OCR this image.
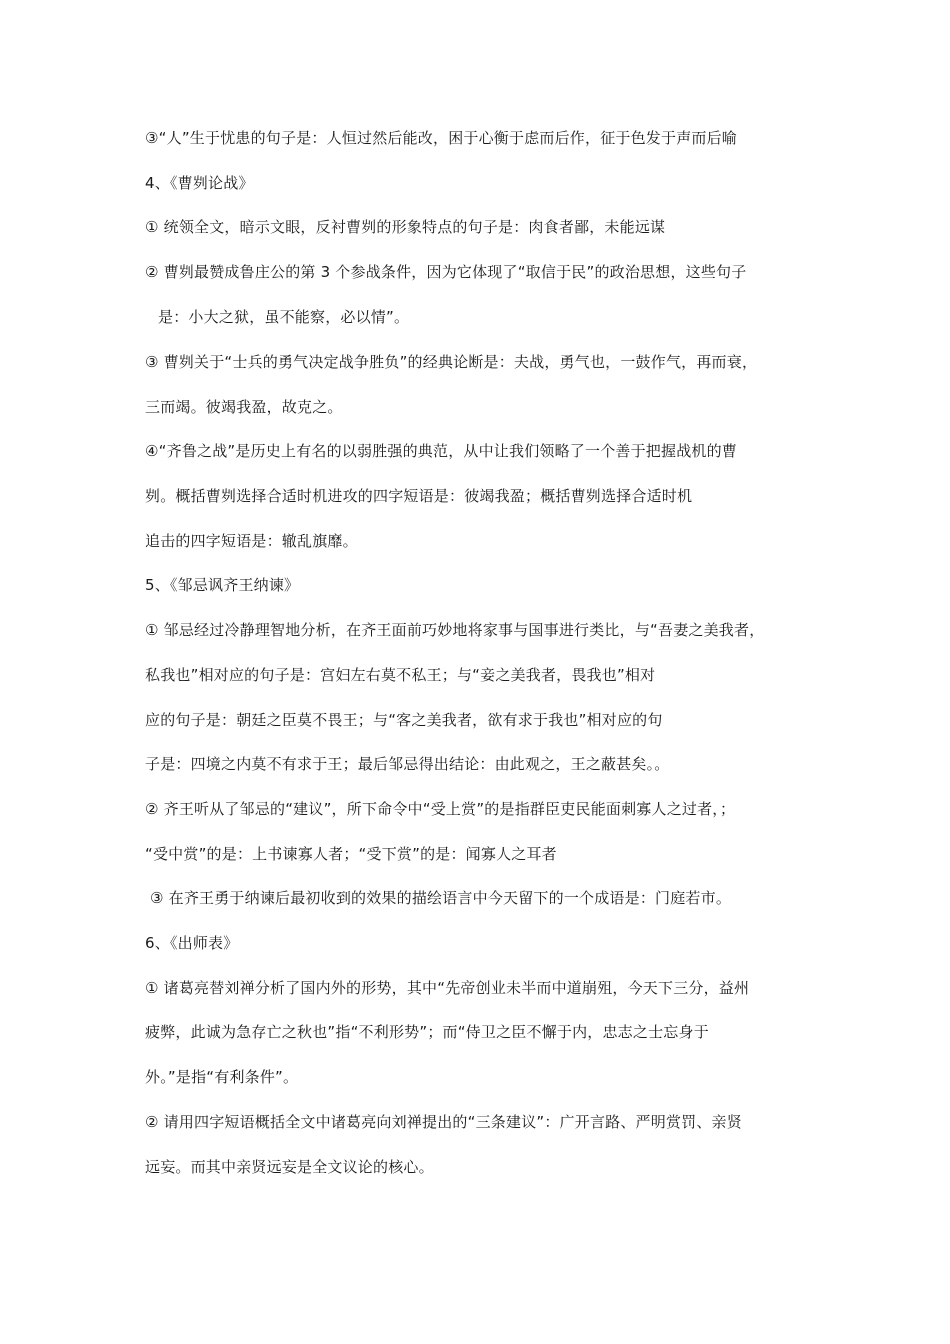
③“人”生于忧患的句子是：人恒过然后能改，困于心衡于虑而后作，征于色发于声而后喻
4、《曹刿论战》
① 统领全文，暗示文眼，反衬曹刿的形象特点的句子是：肉食者鄙，未能远谋
② 曹刿最赞成鲁庄公的第 3 个参战条件，因为它体现了“取信于民”的政治思想，这些句子
是：小大之狱，虽不能察，必以情”。
③ 曹刿关于“士兵的勇气决定战争胜负”的经典论断是：夫战，勇气也，一鼓作气，再而衰，
三而竭。彼竭我盈，故克之。
④“齐鲁之战”是历史上有名的以弱胜强的典范，从中让我们领略了一个善于把握战机的曹
刿。概括曹刿选择合适时机进攻的四字短语是：彼竭我盈；概括曹刿选择合适时机
追击的四字短语是：辙乱旗靡。
5、《邹忌讽齐王纳谏》
① 邹忌经过冷静理智地分析，在齐王面前巧妙地将家事与国事进行类比，与“吾妻之美我者，
私我也”相对应的句子是：宫妇左右莫不私王；与“妾之美我者，畏我也”相对
应的句子是：朝廷之臣莫不畏王；与“客之美我者，欲有求于我也”相对应的句
子是：四境之内莫不有求于王；最后邹忌得出结论：由此观之，王之蔽甚矣。。
② 齐王听从了邹忌的“建议”，所下命令中“受上赏”的是指群臣吏民能面刺寡人之过者，；
“受中赏”的是：上书谏寡人者；“受下赏”的是：闻寡人之耳者
③ 在齐王勇于纳谏后最初收到的效果的描绘语言中今天留下的一个成语是：门庭若市。
6、《出师表》
① 诸葛亮替刘禅分析了国内外的形势，其中“先帝创业未半而中道崩殂，今天下三分，益州
疲弊，此诚为急存亡之秋也”指“不利形势”；而“侍卫之臣不懈于内，忠志之士忘身于
外。”是指“有利条件”。
② 请用四字短语概括全文中诸葛亮向刘禅提出的“三条建议”：广开言路、严明赏罚、亲贤
远妄。而其中亲贤远妄是全文议论的核心。
